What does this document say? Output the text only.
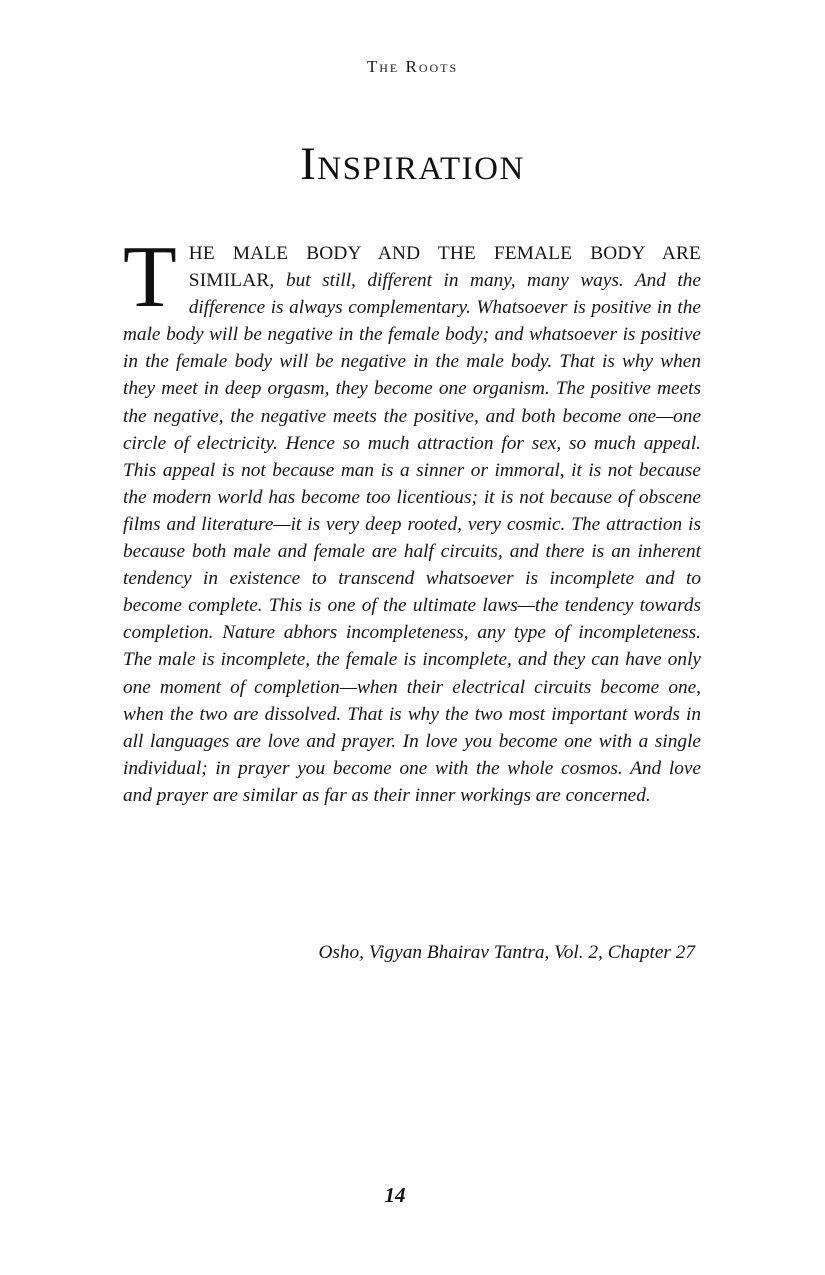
The Roots
Inspiration

THE MALE BODY AND THE FEMALE BODY ARE SIMILAR, but still, different in many, many ways. And the difference is always complementary. Whatsoever is positive in the male body will be negative in the female body; and whatsoever is positive in the female body will be negative in the male body. That is why when they meet in deep orgasm, they become one organism. The positive meets the negative, the negative meets the positive, and both become one—one circle of electricity. Hence so much attraction for sex, so much appeal. This appeal is not because man is a sinner or immoral, it is not because the modern world has become too licentious; it is not because of obscene films and literature—it is very deep rooted, very cosmic. The attraction is because both male and female are half circuits, and there is an inherent tendency in existence to transcend whatsoever is incomplete and to become complete. This is one of the ultimate laws—the tendency towards completion. Nature abhors incompleteness, any type of incompleteness. The male is incomplete, the female is incomplete, and they can have only one moment of completion—when their electrical circuits become one, when the two are dissolved. That is why the two most important words in all languages are love and prayer. In love you become one with a single individual; in prayer you become one with the whole cosmos. And love and prayer are similar as far as their inner workings are concerned.

Osho, Vigyan Bhairav Tantra, Vol. 2, Chapter 27
14
